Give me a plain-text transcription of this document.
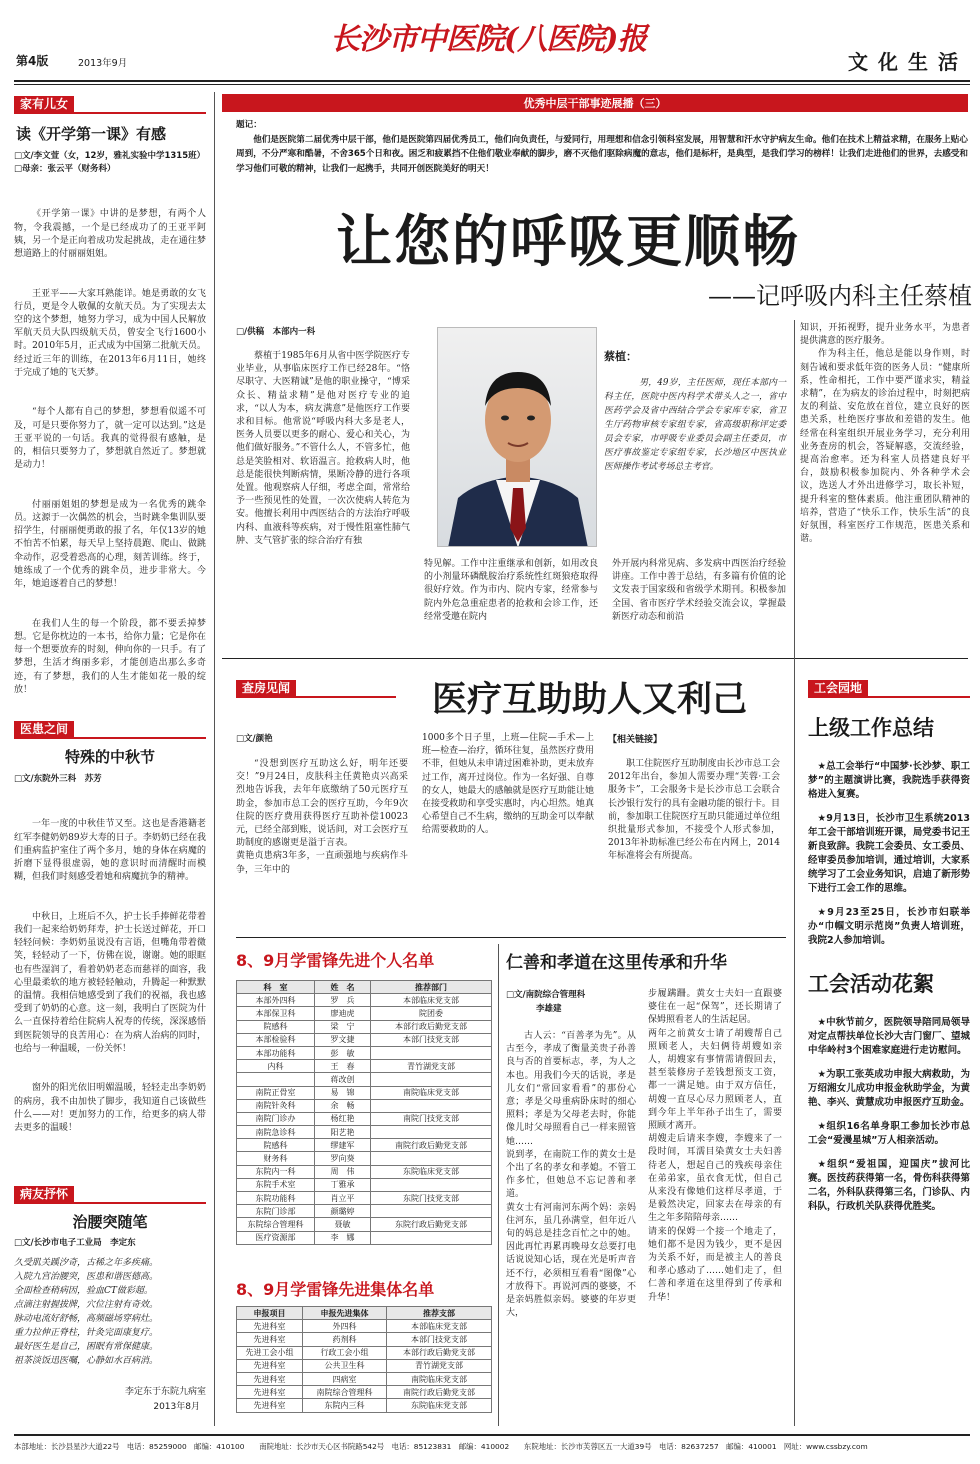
第4版	2013年9月
长沙市中医院(八医院)报
文化生活
家有儿女
读《开学第一课》有感
□文/李文萱（女，12岁，雅礼实验中学1315班）
□母亲：张云平（财务科）

《开学第一课》中讲的是梦想，有两个人物，令我震撼，一个是已经成功了的王亚平阿姨，另一个是正向着成功发起挑战，走在通往梦想道路上的付丽丽姐姐。

王亚平——大家耳熟能详。她是勇敢的女飞行员，更是令人敬佩的女航天员。为了实现去太空的这个梦想，她努力学习，成为中国人民解放军航天员大队四级航天员，曾安全飞行1600小时。2010年5月，正式成为中国第二批航天员。经过近三年的训练，在2013年6月11日，她终于完成了她的飞天梦。

“每个人都有自己的梦想，梦想看似遥不可及，可是只要你努力了，就一定可以达到。”这是王亚平说的一句话。我真的觉得很有感触，是的，相信只要努力了，梦想就自然近了。梦想就是动力！

付丽丽姐姐的梦想是成为一名优秀的跳伞员。这源于一次偶然的机会，当时跳伞集训队要招学生，付丽丽便勇敢的报了名，年仅13岁的她不怕苦不怕累，每天早上坚持晨跑、爬山、做跳伞动作，忍受着恐高的心理，刻苦训练。终于，她练成了一个优秀的跳伞员，进步非常大。今年，她追逐着自己的梦想！

在我们人生的每一个阶段，都不要丢掉梦想。它是你枕边的一本书，给你力量；它是你在每一个想要放弃的时刻，伸向你的一只手。有了梦想，生活才绚丽多彩，才能创造出那么多奇迹，有了梦想，我们的人生才能如花一般的绽放！

医患之间
特殊的中秋节
□文/东院外三科　苏芳

一年一度的中秋佳节又至。这也是香港籍老红军李健奶奶89岁大寿的日子。李奶奶已经在我们重病监护室住了两个多月，她的身体在病魔的折磨下显得很虚弱，她的意识时而清醒时而模糊，但我们时刻感受着她和病魔抗争的精神。

中秋日，上班后不久，护士长手捧鲜花带着我们一起来给奶奶拜寿，护士长送过鲜花，开口轻轻问候：李奶奶虽说没有言语，但嘴角带着微笑，轻轻动了一下，仿佛在说，谢谢。她的眼眶也有些湿润了，看着奶奶老态而慈祥的面容，我心里最柔软的地方被轻轻触动，升腾起一种默默的温情。我相信她感受到了我们的祝福，我也感受到了奶奶的心意。这一刻，我明白了医院为什么一直保持着给住院病人祝寿的传统，深深感悟到医院领导的良苦用心：在为病人治病的同时，也给与一种温暖，一份关怀！

窗外的阳光依旧明媚温暖，轻轻走出李奶奶的病房，我不由加快了脚步，我知道自己该做些什么——对！更加努力的工作，给更多的病人带去更多的温暖！

病友抒怀
治腰突随笔
□文/长沙市电子工业局　李定东
久受肌关蹊汐奇，古稀之年多疾痛。
入院九宫治腰突，医患和谐医德高。
全面检查稍病因，验血CT做彩超。
点滴注射握拔牌，穴位注射有奇效。
脉动电流好舒畅，高频磁场穿病灶。
重力拉伸正脊柱，针灸完面康复疗。
最好医生是自己，困眠有常保健康。
祖茶淡饭迅医嘱，心静如水百病消。
李定东于东院九病室
2013年8月
优秀中层干部事迹展播（三）
题记：
他们是医院第二届优秀中层干部，他们是医院第四届优秀员工，他们向负责任，与爱同行，用理想和信念引领科室发展，用智慧和汗水守护病友生命。他们在技术上精益求精，在服务上贴心周到，不分严寒和酷暑，不舍365个日和夜。困乏和疲累挡不住他们敬业奉献的脚步，磨不灭他们驱除病魔的意志，他们是标杆，是典型，是我们学习的榜样！让我们走进他们的世界，去感受和学习他们可敬的精神，让我们一起携手，共同开创医院美好的明天！
让您的呼吸更顺畅
——记呼吸内科主任蔡植
□/供稿　本部内一科
蔡植于1985年6月从省中医学院医疗专业毕业，从事临床医疗工作已经28年。“恪尽职守、大医精诚”是他的职业操守，“博采众长、精益求精”是他对医疗专业的追求，“以人为本，病友满意”是他医疗工作要求和目标。他常说“呼吸内科大多是老人，医务人员要以更多的耐心、爱心和关心，为他们做好服务。”不管什么人，不管多忙，他总是笑脸相对、软语温言。抢救病人时，他总是能很快判断病情，果断冷静的进行各项处置。他观察病人仔细，考虑全面，常常给予一些预见性的处置，一次次使病人转危为安。他擅长利用中西医结合的方法治疗呼吸内科、血液科等疾病，对于慢性阻塞性肺气肿、支气管扩张的综合治疗有独
蔡植：
男，49岁，主任医师，现任本部内一科主任，医院中医内科学术带头人之一，省中医药学会及省中西结合学会专家库专家，省卫生厅药物审核专家组专家，省高级职称评定委员会专家，市呼吸专业委员会副主任委员，市医疗事故鉴定专家组专家，长沙地区中医执业医师操作考试考场总主考官。
特见解。工作中注重继承和创新，如用改良的小剂量环磷酰胺治疗系统性红斑狼疮取得很好疗效。作为市内、院内专家，经常参与院内外危急重症患者的抢救和会诊工作，还经常受邀在院内
外开展内科常见病、多发病中西医治疗经验讲座。工作中善于总结，有多篇有价值的论文发表于国家级和省级学术期刊。积极参加全国、省市医疗学术经验交流会议，掌握最新医疗动态和前沿
知识，开拓视野，提升业务水平，为患者提供满意的医疗服务。
作为科主任，他总是能以身作则，时刻告诫和要求低年资的医务人员：“健康所系，性命相托，工作中要严谨求实，精益求精”，在为病友的诊治过程中，时刻把病友的利益、安危放在首位，建立良好的医患关系，杜绝医疗事故和差错的发生。他经常在科室组织开展业务学习，充分利用业务查房的机会，答疑解惑，交流经验，提高治愈率。还为科室人员搭建良好平台，鼓励积极参加院内、外各种学术会议，选送人才外出进修学习，取长补短，提升科室的整体素质。他注重团队精神的培养，营造了“快乐工作，快乐生活”的良好氛围，科室医疗工作规范，医患关系和谐。
查房见闻	医疗互助助人又利己
□文/颜艳
“没想到医疗互助这么好，明年还要交！”9月24日，皮肤科主任黄艳贞兴高采烈地告诉我，去年年底缴纳了50元医疗互助金，参加市总工会的医疗互助，今年9次住院的医疗费用获得医疗互助补偿10023元，已经全部到账，说话间，对工会医疗互助制度的感谢更是溢于言表。
黄艳贞患病3年多，一直顽强地与疾病作斗争，三年中的
1000多个日子里，上班—住院—手术—上班—检查—治疗，循环往复，虽然医疗费用不菲，但她从未申请过困难补助，更未放弃过工作，离开过岗位。作为一名好强、自尊的女人，她最大的感触就是医疗互助能让她在接受救助和享受实惠时，内心坦然。她真心希望自己不生病，缴纳的互助金可以奉献给需要救助的人。
【相关链接】
职工住院医疗互助制度由长沙市总工会2012年出台，参加人需要办理“芙蓉·工会服务卡”，工会服务卡是长沙市总工会联合长沙银行发行的具有金融功能的银行卡。目前，参加职工住院医疗互助只能通过单位组织批量形式参加，不接受个人形式参加，2013年补助标准已经公布在内网上，2014年标准将会有所提高。
8、9月学雷锋先进个人名单
科　室	姓　名	推荐部门
本部外四科	罗　兵	本部临床党支部
本部保卫科	廖迪虎	院团委
院感科	梁　宁	本部行政后勤党支部
本部检验科	罗文捷	本部门技党支部
本部功能科	彭　敏	
内科	王　春	青竹湖党支部
	蒋改创	
南院正骨室	易　锦	南院临床党支部
南院针灸科	余　畅	
南院门诊办	杨红艳	南院门技党支部
南院急诊科	阳艺艳	
院感科	缪建军	南院行政后勤党支部
财务科	罗向葵	
东院内一科	周　伟	东院临床党支部
东院手术室	丁雅承	
东院功能科	肖立平	东院门技党支部
东院门诊部	颜璐婷	
东院综合管理科	聂敏	东院行政后勤党支部
医疗资源部	李　娜	
8、9月学雷锋先进集体名单
申报项目	申报先进集体	推荐支部
先进科室	外四科	本部临床党支部
先进科室	药剂科	本部门技党支部
先进工会小组	行政工会小组	本部行政后勤党支部
先进科室	公共卫生科	青竹湖党支部
先进科室	四病室	南院临床党支部
先进科室	南院综合管理科	南院行政后勤党支部
先进科室	东院内三科	东院临床党支部
仁善和孝道在这里传承和升华
□文/南院综合管理科
李雄建
古人云：“百善孝为先”。从古至今，孝成了衡量美贵子孙善良与否的首要标志，孝，为人之本也。用我们今天的话说，孝是儿女们“常回家看看”的那份心意；孝是父母重病卧床时的细心照料；孝是为父母老去时，你能像儿时父母照看自己一样来照管她……
说到孝，在南院工作的黄女士是个出了名的孝女和孝媳。不管工作多忙，但她总不忘记善和孝道。
黄女士有河南河东两个妈：亲妈住河东，虽几孙满堂，但年近八旬的妈总是挂念百忙之中的她。因此再忙再累再晚母女总要打电话说说知心话，现在光是听声音还不行，必须相互看看“图像”心才放得下。再说河西的婆婆，不是亲妈胜似亲妈。婆婆的年岁更大，
步履蹒跚。黄女士夫妇一直跟婆婆住在一起“保驾”，还长期请了保姆照看老人的生活起居。
两年之前黄女士请了胡嫂帮自己照顾老人，夫妇俩待胡嫂如亲人，胡嫂家有事情需请假回去，甚至装修房子差钱想预支工资，都一一满足她。由于双方信任，胡嫂一直尽心尽力照顾老人，直到今年上半年孙子出生了，需要照顾才离开。
胡嫂走后请来李嫂，李嫂来了一段时间，耳濡目染黄女士夫妇善待老人，想起自己的残疾母亲住在弟弟家，虽衣食无忧，但自己从来没有像她们这样尽孝道，于是毅然决定，回家去在母亲的有生之年多陪陪母亲……
请来的保姆一个接一个地走了，她们都不是因为钱少，更不是因为关系不好，而是被主人的善良和孝心感动了……她们走了，但仁善和孝道在这里得到了传承和升华！
工会园地
上级工作总结
★总工会举行“中国梦·长沙梦、职工梦”的主题演讲比赛，我院选手获得资格进入复赛。
★9月13日，长沙市卫生系统2013年工会干部培训班开课，局党委书记王新良致辞。我院工会委员、女工委员、经审委员参加培训，通过培训，大家系统学习了工会业务知识，启迪了新形势下进行工会工作的思维。
★9月23至25日，长沙市妇联举办“巾帼文明示范岗”负责人培训班，我院2人参加培训。
工会活动花絮
★中秋节前夕，医院领导陪同局领导对定点帮扶单位长沙大吉门窗厂、望城中华岭村3个困难家庭进行走访慰问。
★为职工张英成功申报大病救助，为万绍湘女儿成功申报金秋助学金，为黄艳、李兴、黄慧成功申报医疗互助金。
★组织16名单身职工参加长沙市总工会“爱漫星城”万人相亲活动。
★组织“爱祖国，迎国庆”拔河比赛。医技药获得第一名，骨伤科获得第二名，外科队获得第三名，门诊队、内科队，行政机关队获得优胜奖。
本部地址：长沙县星沙大道22号　电话：85259000　邮编：410100　　南院地址：长沙市天心区书院路542号　电话：85123831　邮编：410002　　东院地址：长沙市芙蓉区五一大道39号　电话：82637257　邮编：410001　网址：www.cssbzy.com
